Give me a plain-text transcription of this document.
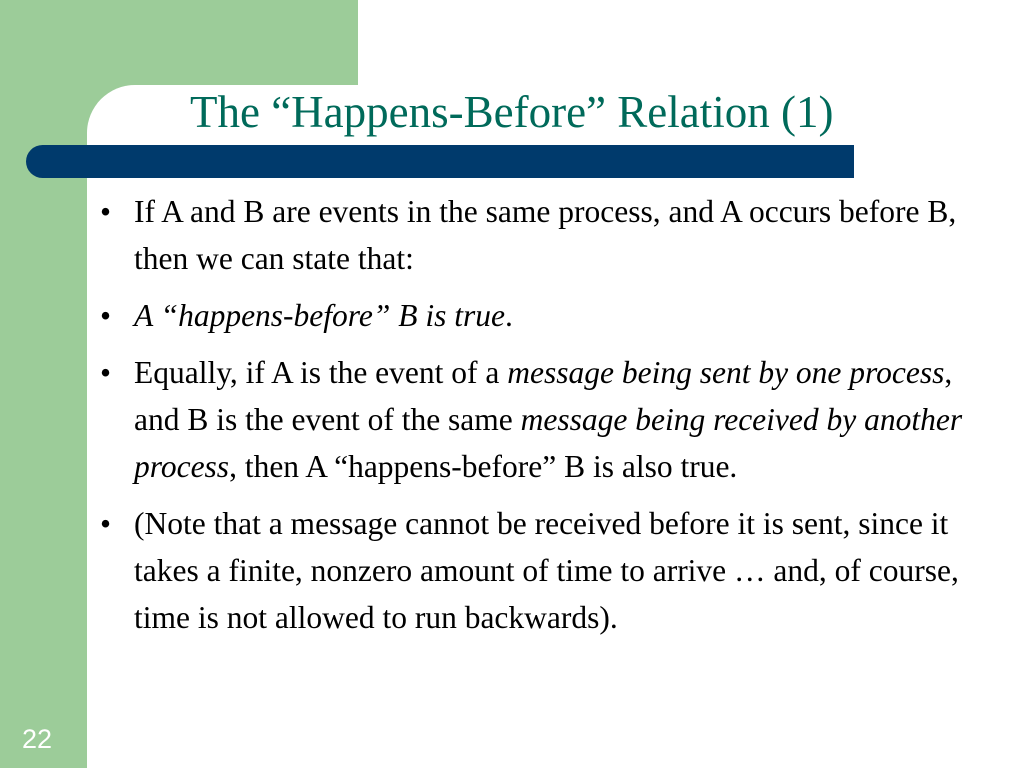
The “Happens-Before” Relation (1)
• If A and B are events in the same process, and A occurs before B, then we can state that:
• A “happens-before” B is true.
• Equally, if A is the event of a message being sent by one process, and B is the event of the same message being received by another process, then A “happens-before” B is also true.
• (Note that a message cannot be received before it is sent, since it takes a finite, nonzero amount of time to arrive … and, of course, time is not allowed to run backwards).
22
